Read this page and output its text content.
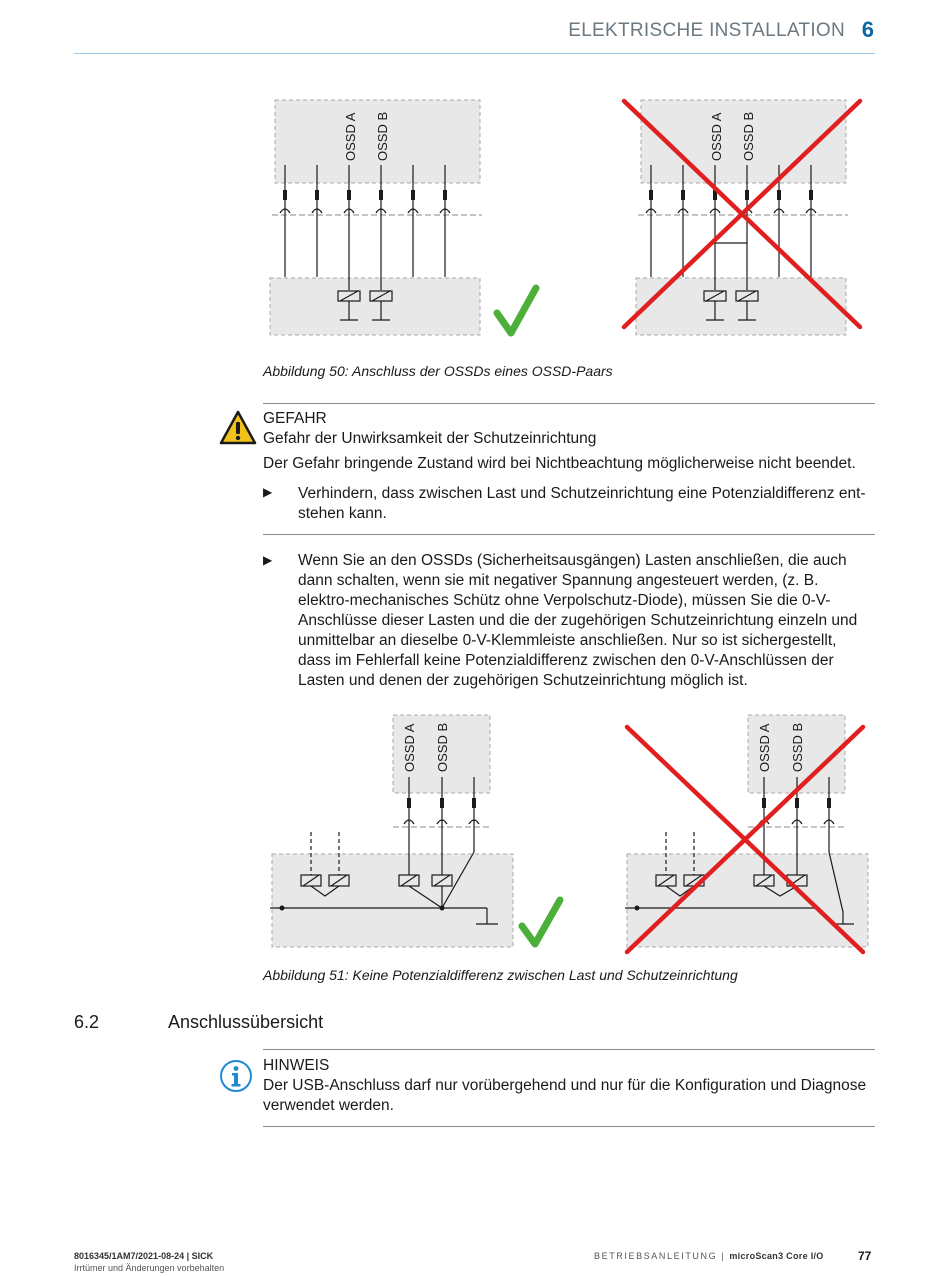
ELEKTRISCHE INSTALLATION 6
OSSD A OSSD B	OSSD A OSSD B
Abbildung 50: Anschluss der OSSDs eines OSSD-Paars
GEFAHR
Gefahr der Unwirksamkeit der Schutzeinrichtung
Der Gefahr bringende Zustand wird bei Nichtbeachtung möglicherweise nicht beendet.
▶ Verhindern, dass zwischen Last und Schutzeinrichtung eine Potenzialdifferenz ent-
stehen kann.
▶ Wenn Sie an den OSSDs (Sicherheitsausgängen) Lasten anschließen, die auch
dann schalten, wenn sie mit negativer Spannung angesteuert werden, (z. B.
elektro-mechanisches Schütz ohne Verpolschutz-Diode), müssen Sie die 0-V-
Anschlüsse dieser Lasten und die der zugehörigen Schutzeinrichtung einzeln und
unmittelbar an dieselbe 0-V-Klemmleiste anschließen. Nur so ist sichergestellt,
dass im Fehlerfall keine Potenzialdifferenz zwischen den 0-V-Anschlüssen der
Lasten und denen der zugehörigen Schutzeinrichtung möglich ist.
OSSD A OSSD B	OSSD A OSSD B
Abbildung 51: Keine Potenzialdifferenz zwischen Last und Schutzeinrichtung
6.2	Anschlussübersicht
HINWEIS
Der USB-Anschluss darf nur vorübergehend und nur für die Konfiguration und Diagnose
verwendet werden.
8016345/1AM7/2021-08-24 | SICK
Irrtümer und Änderungen vorbehalten
BETRIEBSANLEITUNG | microScan3 Core I/O	77
